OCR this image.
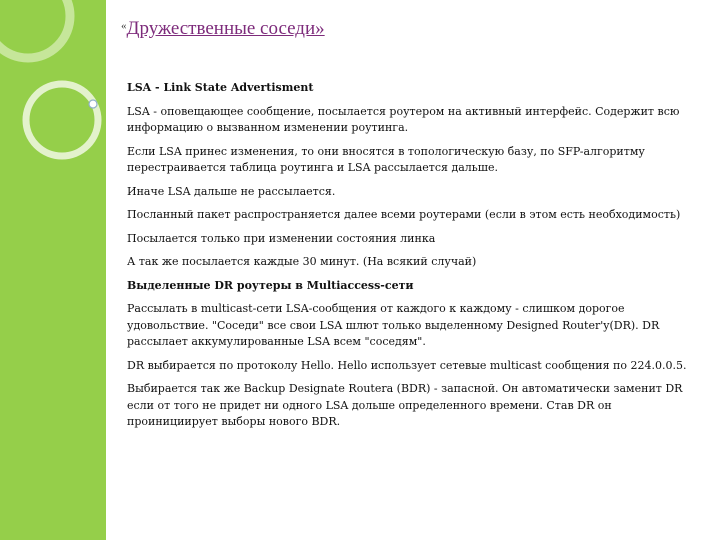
«Дружественные соседи»

LSA - Link State Advertisment

LSA - оповещающее сообщение, посылается роутером на активный интерфейс. Содержит всю информацию о вызванном изменении роутинга.

Если LSA принес изменения, то они вносятся в топологическую базу, по SFP-алгоритму перестраивается таблица роутинга и LSA рассылается дальше.

Иначе LSA дальше не рассылается.

Посланный пакет распространяется далее всеми роутерами (если в этом есть необходимость)

Посылается только при изменении состояния линка

А так же посылается каждые 30 минут. (На всякий случай)

Выделенные DR роутеры в Multiaccess-сети

Рассылать в multicast-сети LSA-сообщения от каждого к каждому - слишком дорогое удовольствие. "Соседи" все свои LSA шлют только выделенному Designed Router'y(DR). DR рассылает аккумулированные LSA всем "соседям".

DR выбирается по протоколу Hello. Hello использует сетевые multicast сообщения по 224.0.0.5.

Выбирается так же Backup Designate Routera (BDR) - запасной. Он автоматически заменит DR если от того не придет ни одного LSA дольше определенного времени. Став DR он проинициирует выборы нового BDR.
